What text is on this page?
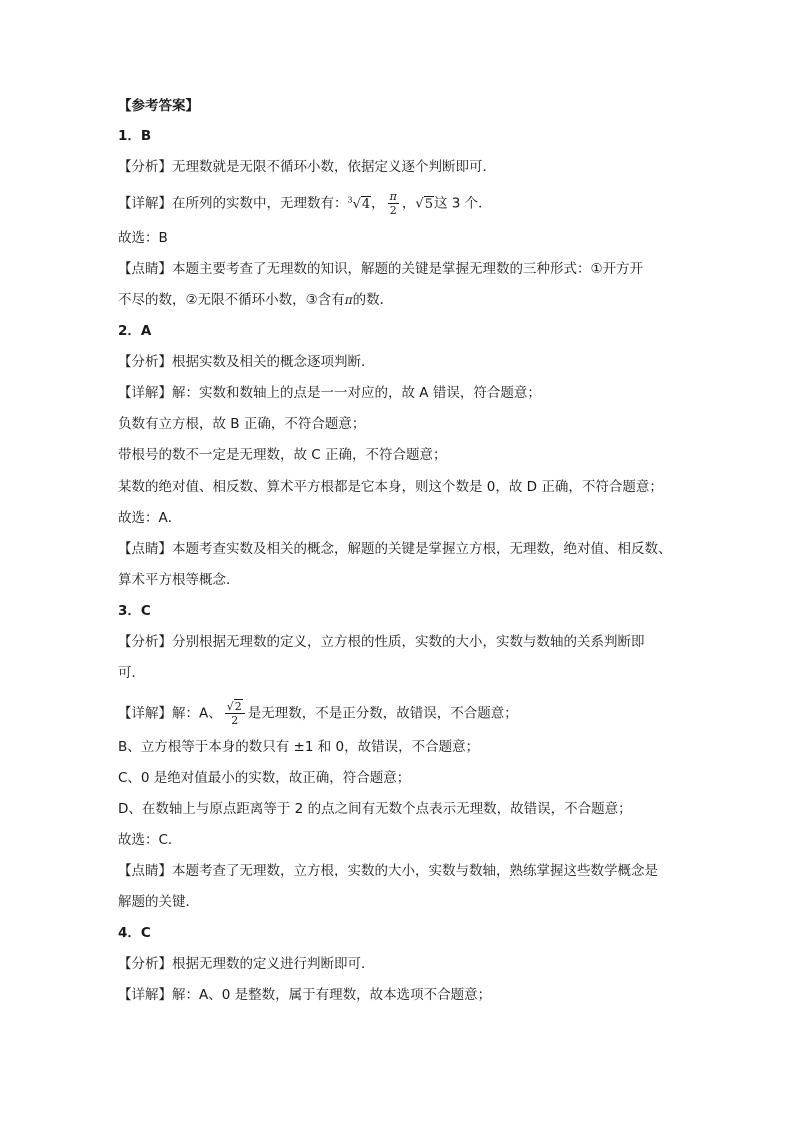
【参考答案】
1．B
【分析】无理数就是无限不循环小数，依据定义逐个判断即可．
【详解】在所列的实数中，无理数有：$^3$√4， $\frac{\pi}{2}$ ，√5这 3 个．
故选：B
【点睛】本题主要考查了无理数的知识，解题的关键是掌握无理数的三种形式：①开方开
不尽的数，②无限不循环小数，③含有π的数．
2．A
【分析】根据实数及相关的概念逐项判断．
【详解】解：实数和数轴上的点是一一对应的，故 A 错误，符合题意；
负数有立方根，故 B 正确，不符合题意；
带根号的数不一定是无理数，故 C 正确，不符合题意；
某数的绝对值、相反数、算术平方根都是它本身，则这个数是 0，故 D 正确，不符合题意；
故选：A．
【点睛】本题考查实数及相关的概念，解题的关键是掌握立方根，无理数，绝对值、相反数、
算术平方根等概念．
3．C
【分析】分别根据无理数的定义，立方根的性质，实数的大小，实数与数轴的关系判断即
可．
【详解】解：A、 $\frac{√2}{2}$ 是无理数，不是正分数，故错误，不合题意；
B、立方根等于本身的数只有 ±1 和 0，故错误，不合题意；
C、0 是绝对值最小的实数，故正确，符合题意；
D、在数轴上与原点距离等于 2 的点之间有无数个点表示无理数，故错误，不合题意；
故选：C．
【点睛】本题考查了无理数，立方根，实数的大小，实数与数轴，熟练掌握这些数学概念是
解题的关键．
4．C
【分析】根据无理数的定义进行判断即可．
【详解】解：A、0 是整数，属于有理数，故本选项不合题意；
